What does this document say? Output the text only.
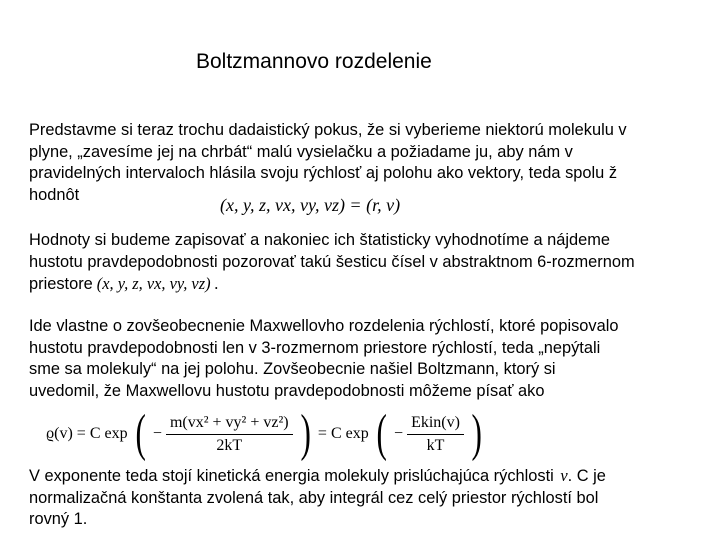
Boltzmannovo rozdelenie
Predstavme si teraz trochu dadaistický pokus, že si vyberieme niektorú molekulu v
plyne, „zavesíme jej na chrbát“ malú vysielačku a požiadame ju, aby nám v
pravidelných intervaloch hlásila svoju rýchlosť aj polohu ako vektory, teda spolu ž
hodnôt
(x, y, z, vx, vy, vz) = (r, v)
Hodnoty si budeme zapisovať a nakoniec ich štatisticky vyhodnotíme a nájdeme
hustotu pravdepodobnosti pozorovať takú šesticu čísel v abstraktnom 6-rozmernom
priestore (x, y, z, vx, vy, vz) .
Ide vlastne o zovšeobecnenie Maxwellovho rozdelenia rýchlostí, ktoré popisovalo
hustotu pravdepodobnosti len v 3-rozmernom priestore rýchlostí, teda „nepýtali
sme sa molekuly“ na jej polohu. Zovšeobecnie našiel Boltzmann, ktorý si
uvedomil, že Maxwellovu hustotu pravdepodobnosti môžeme písať ako
ϱ(v) = C exp ( − $\frac{\text{m(vx² + vy² + vz²)}}{2kT}$ ) = C exp ( − $\frac{\text{Ekin(v)}}{kT}$ )
V exponente teda stojí kinetická energia molekuly prislúchajúca rýchlosti v. C je
normalizačná konštanta zvolená tak, aby integrál cez celý priestor rýchlostí bol
rovný 1.
